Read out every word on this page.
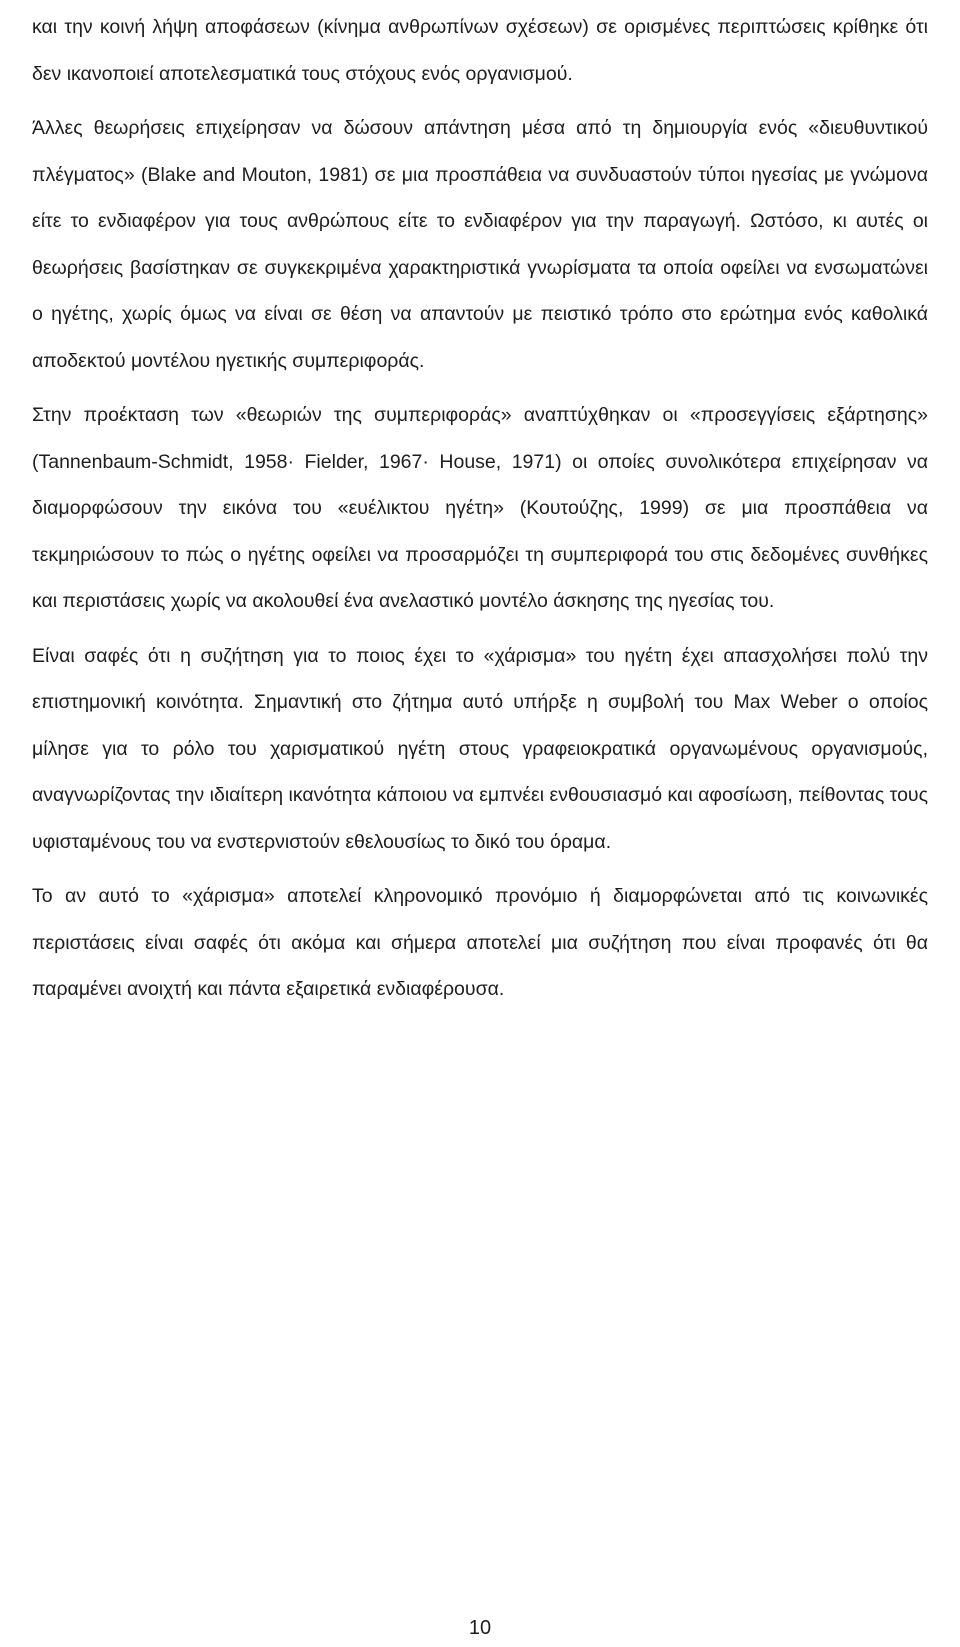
και την κοινή λήψη αποφάσεων (κίνημα ανθρωπίνων σχέσεων) σε ορισμένες περιπτώσεις κρίθηκε ότι δεν ικανοποιεί αποτελεσματικά τους στόχους ενός οργανισμού.

Άλλες θεωρήσεις επιχείρησαν να δώσουν απάντηση μέσα από τη δημιουργία ενός «διευθυντικού πλέγματος» (Blake and Mouton, 1981) σε μια προσπάθεια να συνδυαστούν τύποι ηγεσίας με γνώμονα είτε το ενδιαφέρον για τους ανθρώπους είτε το ενδιαφέρον για την παραγωγή. Ωστόσο, κι αυτές οι θεωρήσεις βασίστηκαν σε συγκεκριμένα χαρακτηριστικά γνωρίσματα τα οποία οφείλει να ενσωματώνει ο ηγέτης, χωρίς όμως να είναι σε θέση να απαντούν με πειστικό τρόπο στο ερώτημα ενός καθολικά αποδεκτού μοντέλου ηγετικής συμπεριφοράς.

Στην προέκταση των «θεωριών της συμπεριφοράς» αναπτύχθηκαν οι «προσεγγίσεις εξάρτησης» (Tannenbaum-Schmidt, 1958· Fielder, 1967· House, 1971) οι οποίες συνολικότερα επιχείρησαν να διαμορφώσουν την εικόνα του «ευέλικτου ηγέτη» (Κουτούζης, 1999) σε μια προσπάθεια να τεκμηριώσουν το πώς ο ηγέτης οφείλει να προσαρμόζει τη συμπεριφορά του στις δεδομένες συνθήκες και περιστάσεις χωρίς να ακολουθεί ένα ανελαστικό μοντέλο άσκησης της ηγεσίας του.

Είναι σαφές ότι η συζήτηση για το ποιος έχει το «χάρισμα» του ηγέτη έχει απασχολήσει πολύ την επιστημονική κοινότητα. Σημαντική στο ζήτημα αυτό υπήρξε η συμβολή του Max Weber ο οποίος μίλησε για το ρόλο του χαρισματικού ηγέτη στους γραφειοκρατικά οργανωμένους οργανισμούς, αναγνωρίζοντας την ιδιαίτερη ικανότητα κάποιου να εμπνέει ενθουσιασμό και αφοσίωση, πείθοντας τους υφισταμένους του να ενστερνιστούν εθελουσίως το δικό του όραμα.

Το αν αυτό το «χάρισμα» αποτελεί κληρονομικό προνόμιο ή διαμορφώνεται από τις κοινωνικές περιστάσεις είναι σαφές ότι ακόμα και σήμερα αποτελεί μια συζήτηση που είναι προφανές ότι θα παραμένει ανοιχτή και πάντα εξαιρετικά ενδιαφέρουσα.

10
